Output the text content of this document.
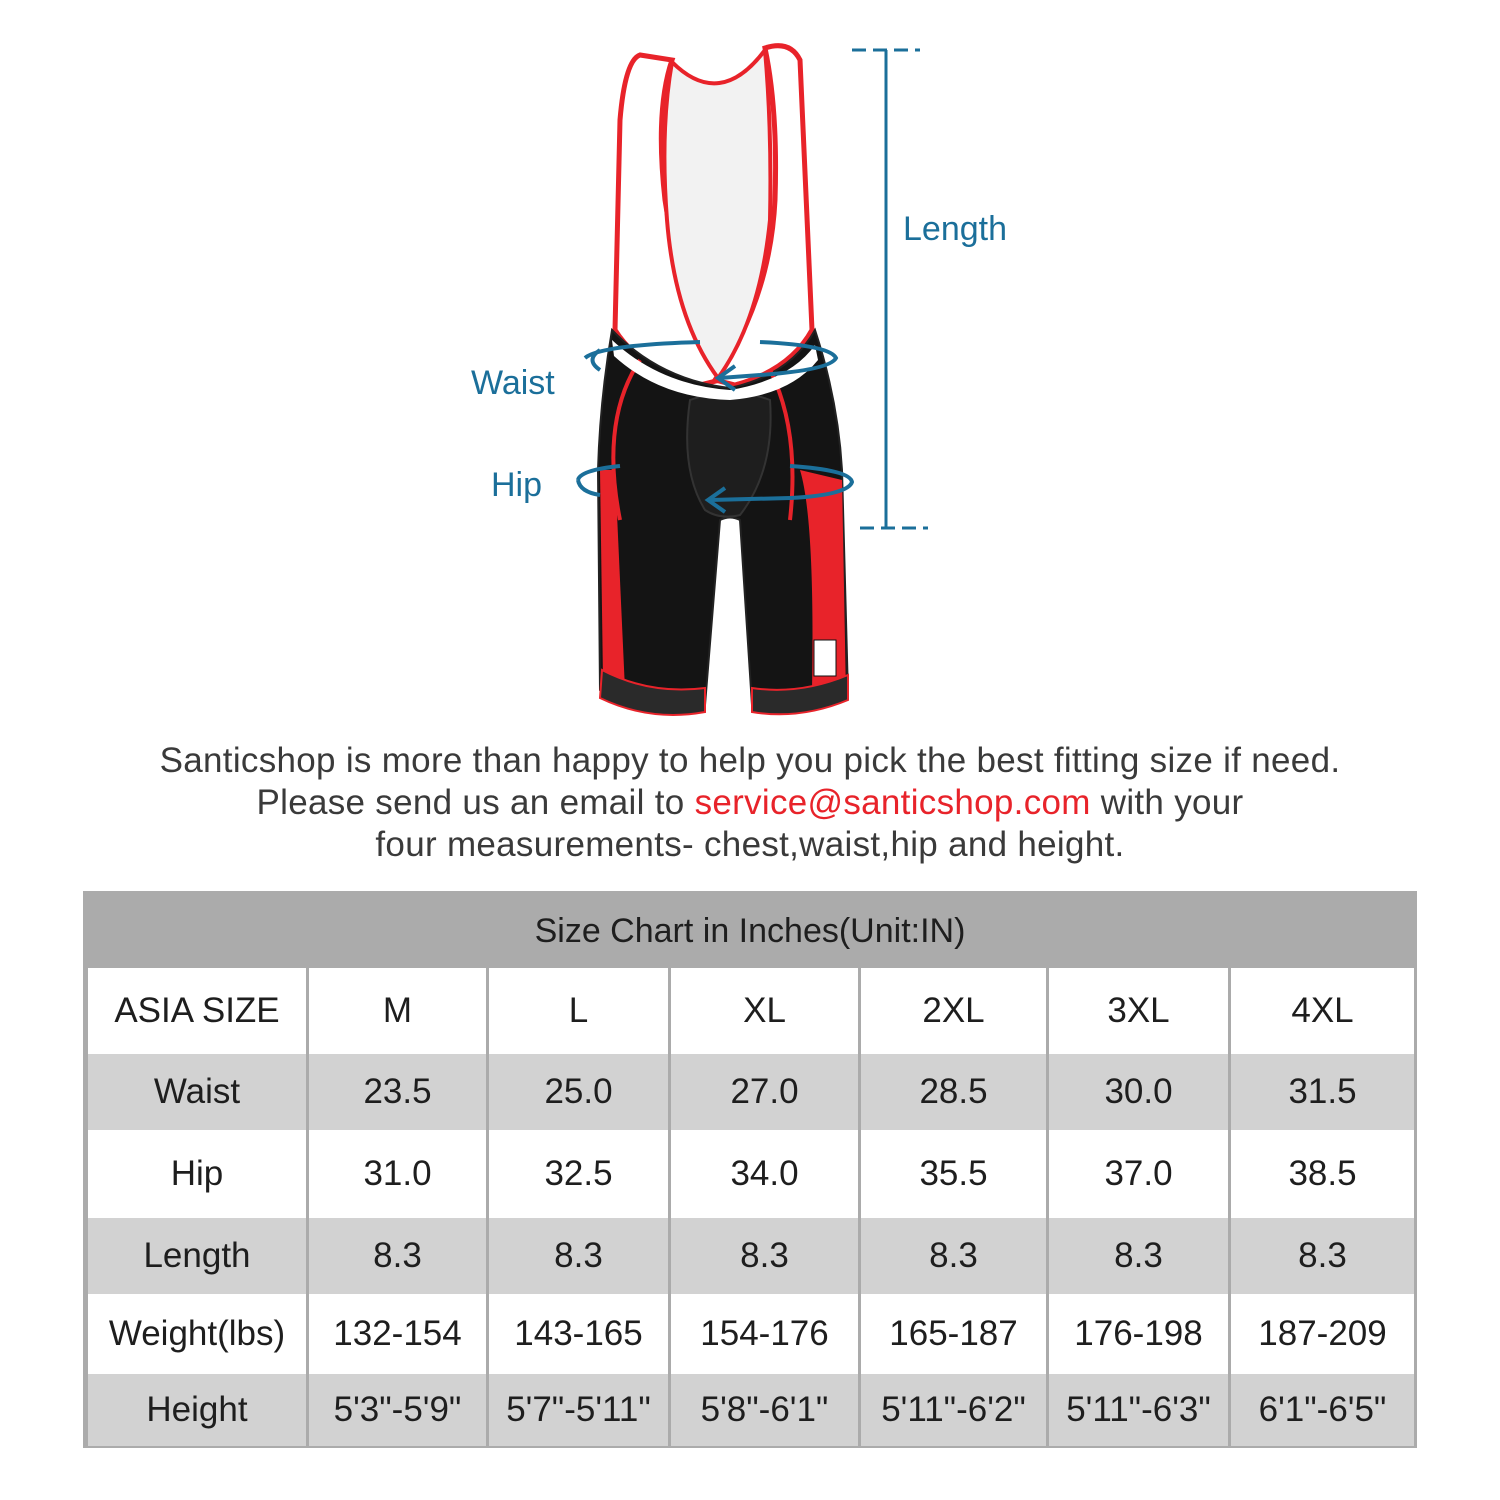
Length
Waist
Hip
Santicshop is more than happy to help you pick the best fitting size if need.
Please send us an email to service@santicshop.com with your
four measurements- chest,waist,hip and height.
Size Chart in Inches(Unit:IN)
ASIA SIZE	M	L	XL	2XL	3XL	4XL
Waist	23.5	25.0	27.0	28.5	30.0	31.5
Hip	31.0	32.5	34.0	35.5	37.0	38.5
Length	8.3	8.3	8.3	8.3	8.3	8.3
Weight(lbs)	132-154	143-165	154-176	165-187	176-198	187-209
Height	5'3"-5'9"	5'7"-5'11"	5'8"-6'1"	5'11"-6'2"	5'11"-6'3"	6'1"-6'5"
